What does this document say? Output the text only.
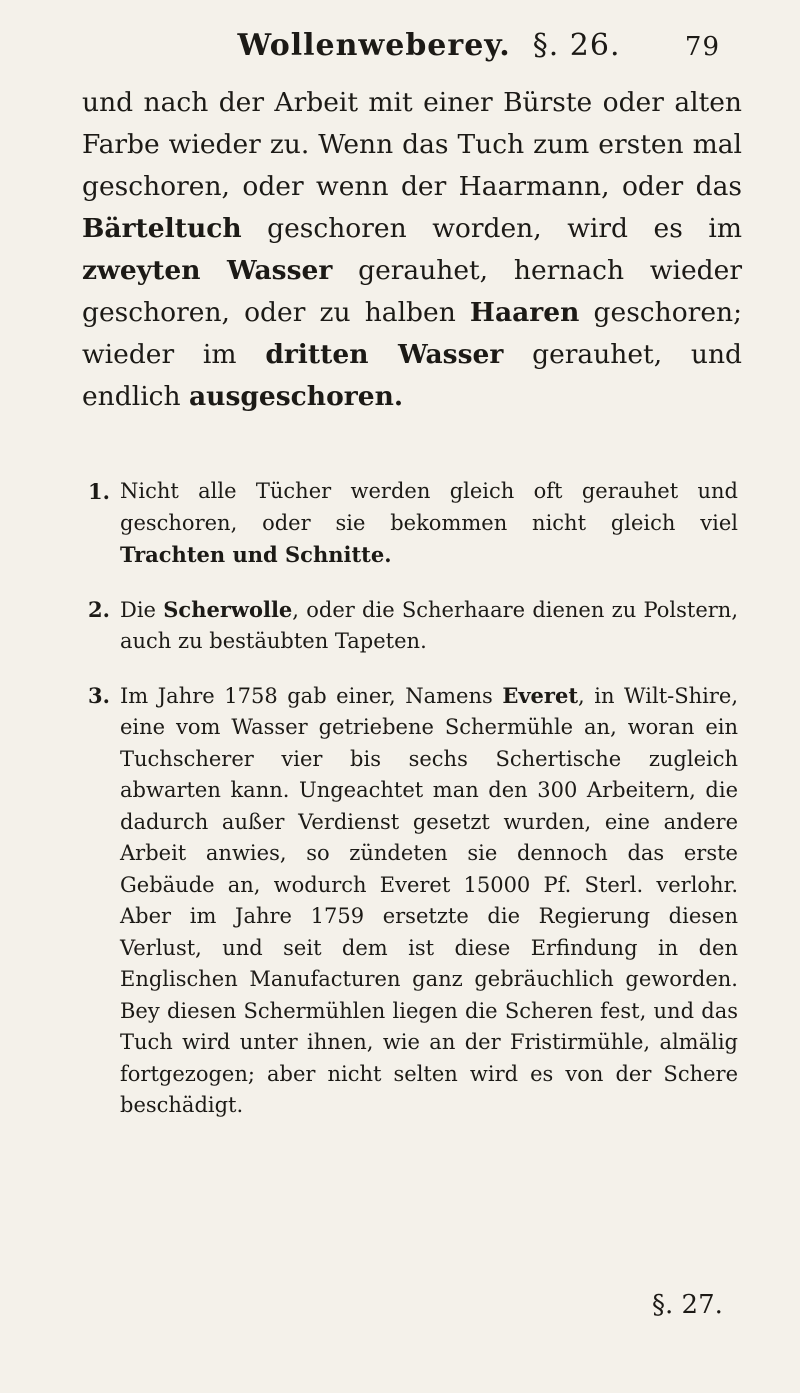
Wollenweberey. §. 26. 79

und nach der Arbeit mit einer Bürste oder alten Farbe wieder zu. Wenn das Tuch zum ersten mal geschoren, oder wenn der Haarmann, oder das Bärteltuch geschoren worden, wird es im zweyten Wasser gerauhet, hernach wieder geschoren, oder zu halben Haaren geschoren; wieder im dritten Wasser gerauhet, und endlich ausgeschoren.

1. Nicht alle Tücher werden gleich oft gerauhet und geschoren, oder sie bekommen nicht gleich viel Trachten und Schnitte.
2. Die Scherwolle, oder die Scherhaare dienen zu Polstern, auch zu bestäubten Tapeten.
3. Im Jahre 1758 gab einer, Namens Everet, in Wilt-Shire, eine vom Wasser getriebene Schermühle an, woran ein Tuchscherer vier bis sechs Schertische zugleich abwarten kann. Ungeachtet man den 300 Arbeitern, die dadurch außer Verdienst gesetzt wurden, eine andere Arbeit anwies, so zündeten sie dennoch das erste Gebäude an, wodurch Everet 15000 Pf. Sterl. verlohr. Aber im Jahre 1759 ersetzte die Regierung diesen Verlust, und seit dem ist diese Erfindung in den Englischen Manufacturen ganz gebräuchlich geworden. Bey diesen Schermühlen liegen die Scheren fest, und das Tuch wird unter ihnen, wie an der Fristirmühle, almälig fortgezogen; aber nicht selten wird es von der Schere beschädigt.
§. 27.
